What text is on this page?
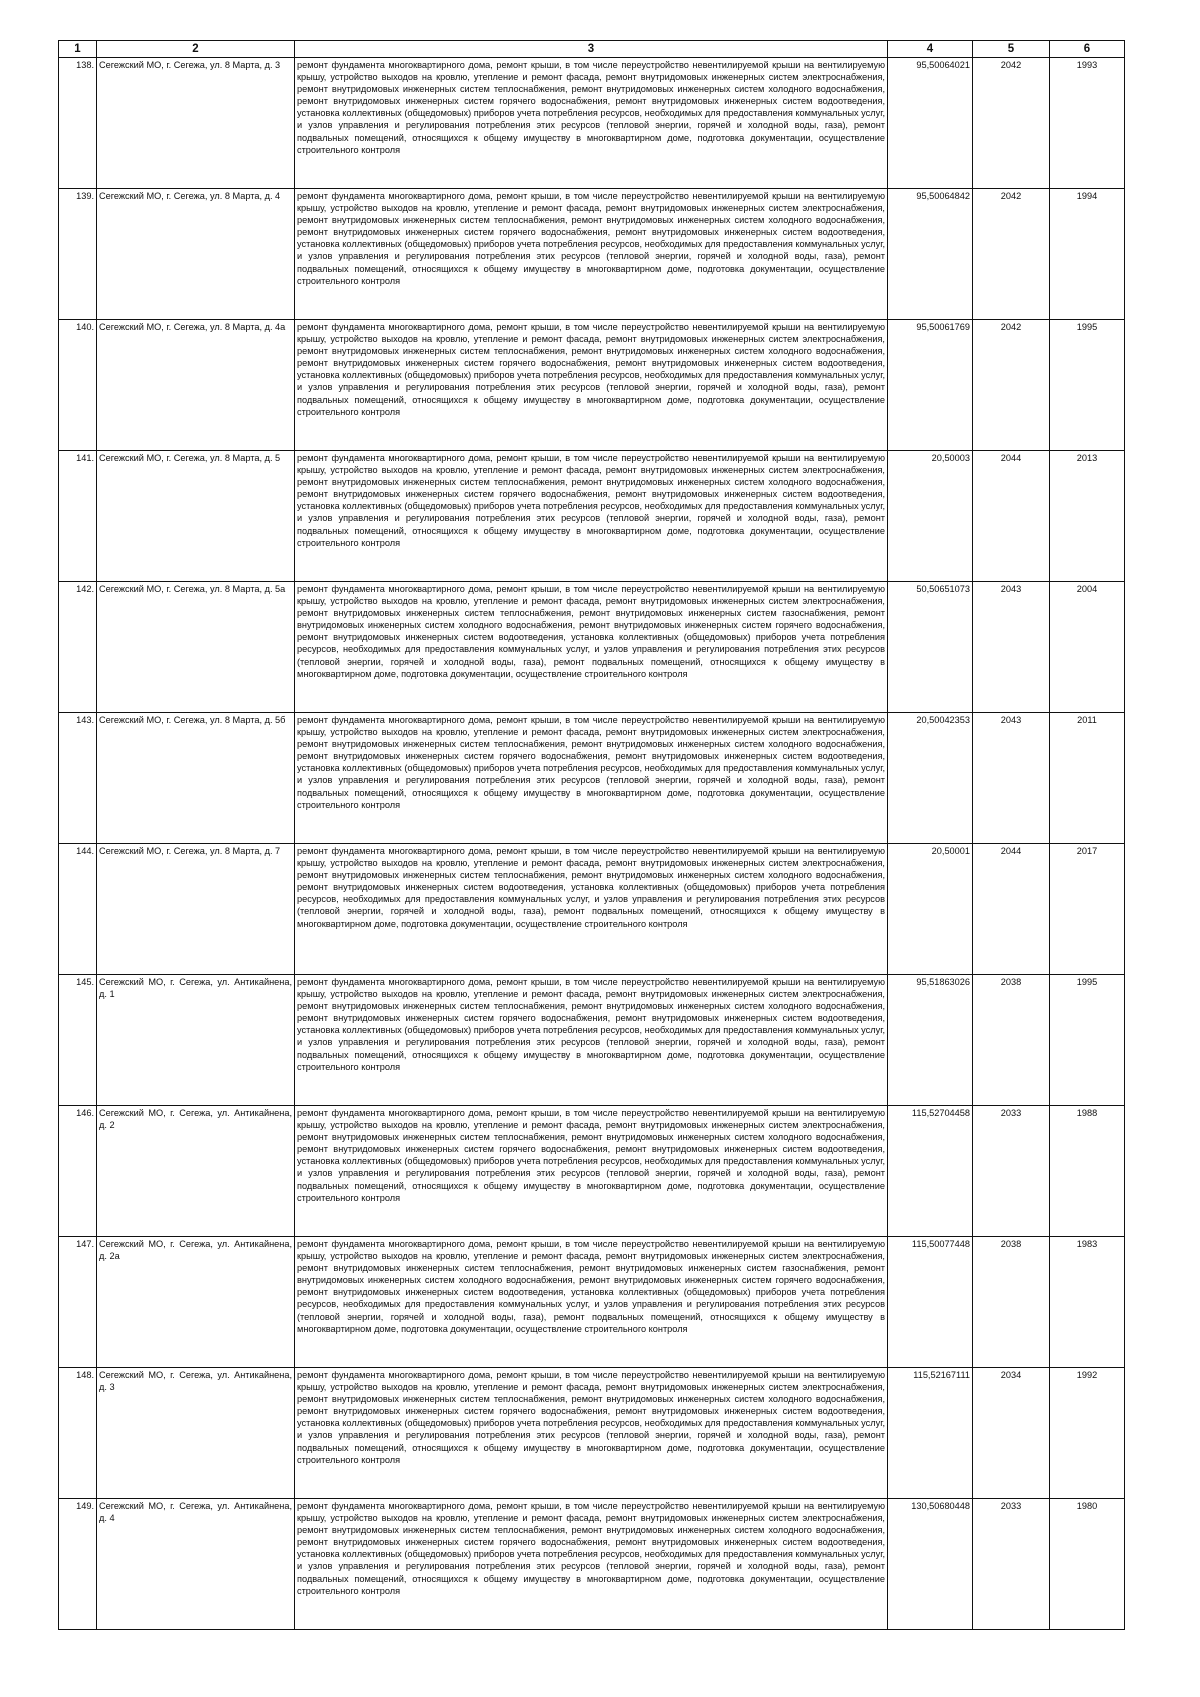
1	2	3	4	5	6
138.	Сегежский МО, г. Сегежа, ул. 8 Марта, д. 3	ремонт фундамента многоквартирного дома, ремонт крыши, в том числе переустройство невентилируемой крыши на вентилируемую крышу, устройство выходов на кровлю, утепление и ремонт фасада, ремонт внутридомовых инженерных систем электроснабжения, ремонт внутридомовых инженерных систем теплоснабжения, ремонт внутридомовых инженерных систем холодного водоснабжения, ремонт внутридомовых инженерных систем горячего водоснабжения, ремонт внутридомовых инженерных систем водоотведения, установка коллективных (общедомовых) приборов учета потребления ресурсов, необходимых для предоставления коммунальных услуг, и узлов управления и регулирования потребления этих ресурсов (тепловой энергии, горячей и холодной воды, газа), ремонт подвальных помещений, относящихся к общему имуществу в многоквартирном доме, подготовка документации, осуществление строительного контроля	95,50064021	2042	1993
139.	Сегежский МО, г. Сегежа, ул. 8 Марта, д. 4	ремонт фундамента многоквартирного дома, ремонт крыши, в том числе переустройство невентилируемой крыши на вентилируемую крышу, устройство выходов на кровлю, утепление и ремонт фасада, ремонт внутридомовых инженерных систем электроснабжения, ремонт внутридомовых инженерных систем теплоснабжения, ремонт внутридомовых инженерных систем холодного водоснабжения, ремонт внутридомовых инженерных систем горячего водоснабжения, ремонт внутридомовых инженерных систем водоотведения, установка коллективных (общедомовых) приборов учета потребления ресурсов, необходимых для предоставления коммунальных услуг, и узлов управления и регулирования потребления этих ресурсов (тепловой энергии, горячей и холодной воды, газа), ремонт подвальных помещений, относящихся к общему имуществу в многоквартирном доме, подготовка документации, осуществление строительного контроля	95,50064842	2042	1994
140.	Сегежский МО, г. Сегежа, ул. 8 Марта, д. 4а	ремонт фундамента многоквартирного дома, ремонт крыши, в том числе переустройство невентилируемой крыши на вентилируемую крышу, устройство выходов на кровлю, утепление и ремонт фасада, ремонт внутридомовых инженерных систем электроснабжения, ремонт внутридомовых инженерных систем теплоснабжения, ремонт внутридомовых инженерных систем холодного водоснабжения, ремонт внутридомовых инженерных систем горячего водоснабжения, ремонт внутридомовых инженерных систем водоотведения, установка коллективных (общедомовых) приборов учета потребления ресурсов, необходимых для предоставления коммунальных услуг, и узлов управления и регулирования потребления этих ресурсов (тепловой энергии, горячей и холодной воды, газа), ремонт подвальных помещений, относящихся к общему имуществу в многоквартирном доме, подготовка документации, осуществление строительного контроля	95,50061769	2042	1995
141.	Сегежский МО, г. Сегежа, ул. 8 Марта, д. 5	ремонт фундамента многоквартирного дома, ремонт крыши, в том числе переустройство невентилируемой крыши на вентилируемую крышу, устройство выходов на кровлю, утепление и ремонт фасада, ремонт внутридомовых инженерных систем электроснабжения, ремонт внутридомовых инженерных систем теплоснабжения, ремонт внутридомовых инженерных систем холодного водоснабжения, ремонт внутридомовых инженерных систем горячего водоснабжения, ремонт внутридомовых инженерных систем водоотведения, установка коллективных (общедомовых) приборов учета потребления ресурсов, необходимых для предоставления коммунальных услуг, и узлов управления и регулирования потребления этих ресурсов (тепловой энергии, горячей и холодной воды, газа), ремонт подвальных помещений, относящихся к общему имуществу в многоквартирном доме, подготовка документации, осуществление строительного контроля	20,50003	2044	2013
142.	Сегежский МО, г. Сегежа, ул. 8 Марта, д. 5а	ремонт фундамента многоквартирного дома, ремонт крыши, в том числе переустройство невентилируемой крыши на вентилируемую крышу, устройство выходов на кровлю, утепление и ремонт фасада, ремонт внутридомовых инженерных систем электроснабжения, ремонт внутридомовых инженерных систем теплоснабжения, ремонт внутридомовых инженерных систем газоснабжения, ремонт внутридомовых инженерных систем холодного водоснабжения, ремонт внутридомовых инженерных систем горячего водоснабжения, ремонт внутридомовых инженерных систем водоотведения, установка коллективных (общедомовых) приборов учета потребления ресурсов, необходимых для предоставления коммунальных услуг, и узлов управления и регулирования потребления этих ресурсов (тепловой энергии, горячей и холодной воды, газа), ремонт подвальных помещений, относящихся к общему имуществу в многоквартирном доме, подготовка документации, осуществление строительного контроля	50,50651073	2043	2004
143.	Сегежский МО, г. Сегежа, ул. 8 Марта, д. 5б	ремонт фундамента многоквартирного дома, ремонт крыши, в том числе переустройство невентилируемой крыши на вентилируемую крышу, устройство выходов на кровлю, утепление и ремонт фасада, ремонт внутридомовых инженерных систем электроснабжения, ремонт внутридомовых инженерных систем теплоснабжения, ремонт внутридомовых инженерных систем холодного водоснабжения, ремонт внутридомовых инженерных систем горячего водоснабжения, ремонт внутридомовых инженерных систем водоотведения, установка коллективных (общедомовых) приборов учета потребления ресурсов, необходимых для предоставления коммунальных услуг, и узлов управления и регулирования потребления этих ресурсов (тепловой энергии, горячей и холодной воды, газа), ремонт подвальных помещений, относящихся к общему имуществу в многоквартирном доме, подготовка документации, осуществление строительного контроля	20,50042353	2043	2011
144.	Сегежский МО, г. Сегежа, ул. 8 Марта, д. 7	ремонт фундамента многоквартирного дома, ремонт крыши, в том числе переустройство невентилируемой крыши на вентилируемую крышу, устройство выходов на кровлю, утепление и ремонт фасада, ремонт внутридомовых инженерных систем электроснабжения, ремонт внутридомовых инженерных систем теплоснабжения, ремонт внутридомовых инженерных систем холодного водоснабжения, ремонт внутридомовых инженерных систем водоотведения, установка коллективных (общедомовых) приборов учета потребления ресурсов, необходимых для предоставления коммунальных услуг, и узлов управления и регулирования потребления этих ресурсов (тепловой энергии, горячей и холодной воды, газа), ремонт подвальных помещений, относящихся к общему имуществу в многоквартирном доме, подготовка документации, осуществление строительного контроля	20,50001	2044	2017
145.	Сегежский МО, г. Сегежа, ул. Антикайнена, д. 1	ремонт фундамента многоквартирного дома, ремонт крыши, в том числе переустройство невентилируемой крыши на вентилируемую крышу, устройство выходов на кровлю, утепление и ремонт фасада, ремонт внутридомовых инженерных систем электроснабжения, ремонт внутридомовых инженерных систем теплоснабжения, ремонт внутридомовых инженерных систем холодного водоснабжения, ремонт внутридомовых инженерных систем горячего водоснабжения, ремонт внутридомовых инженерных систем водоотведения, установка коллективных (общедомовых) приборов учета потребления ресурсов, необходимых для предоставления коммунальных услуг, и узлов управления и регулирования потребления этих ресурсов (тепловой энергии, горячей и холодной воды, газа), ремонт подвальных помещений, относящихся к общему имуществу в многоквартирном доме, подготовка документации, осуществление строительного контроля	95,51863026	2038	1995
146.	Сегежский МО, г. Сегежа, ул. Антикайнена, д. 2	ремонт фундамента многоквартирного дома, ремонт крыши, в том числе переустройство невентилируемой крыши на вентилируемую крышу, устройство выходов на кровлю, утепление и ремонт фасада, ремонт внутридомовых инженерных систем электроснабжения, ремонт внутридомовых инженерных систем теплоснабжения, ремонт внутридомовых инженерных систем холодного водоснабжения, ремонт внутридомовых инженерных систем горячего водоснабжения, ремонт внутридомовых инженерных систем водоотведения, установка коллективных (общедомовых) приборов учета потребления ресурсов, необходимых для предоставления коммунальных услуг, и узлов управления и регулирования потребления этих ресурсов (тепловой энергии, горячей и холодной воды, газа), ремонт подвальных помещений, относящихся к общему имуществу в многоквартирном доме, подготовка документации, осуществление строительного контроля	115,52704458	2033	1988
147.	Сегежский МО, г. Сегежа, ул. Антикайнена, д. 2а	ремонт фундамента многоквартирного дома, ремонт крыши, в том числе переустройство невентилируемой крыши на вентилируемую крышу, устройство выходов на кровлю, утепление и ремонт фасада, ремонт внутридомовых инженерных систем электроснабжения, ремонт внутридомовых инженерных систем теплоснабжения, ремонт внутридомовых инженерных систем газоснабжения, ремонт внутридомовых инженерных систем холодного водоснабжения, ремонт внутридомовых инженерных систем горячего водоснабжения, ремонт внутридомовых инженерных систем водоотведения, установка коллективных (общедомовых) приборов учета потребления ресурсов, необходимых для предоставления коммунальных услуг, и узлов управления и регулирования потребления этих ресурсов (тепловой энергии, горячей и холодной воды, газа), ремонт подвальных помещений, относящихся к общему имуществу в многоквартирном доме, подготовка документации, осуществление строительного контроля	115,50077448	2038	1983
148.	Сегежский МО, г. Сегежа, ул. Антикайнена, д. 3	ремонт фундамента многоквартирного дома, ремонт крыши, в том числе переустройство невентилируемой крыши на вентилируемую крышу, устройство выходов на кровлю, утепление и ремонт фасада, ремонт внутридомовых инженерных систем электроснабжения, ремонт внутридомовых инженерных систем теплоснабжения, ремонт внутридомовых инженерных систем холодного водоснабжения, ремонт внутридомовых инженерных систем горячего водоснабжения, ремонт внутридомовых инженерных систем водоотведения, установка коллективных (общедомовых) приборов учета потребления ресурсов, необходимых для предоставления коммунальных услуг, и узлов управления и регулирования потребления этих ресурсов (тепловой энергии, горячей и холодной воды, газа), ремонт подвальных помещений, относящихся к общему имуществу в многоквартирном доме, подготовка документации, осуществление строительного контроля	115,52167111	2034	1992
149.	Сегежский МО, г. Сегежа, ул. Антикайнена, д. 4	ремонт фундамента многоквартирного дома, ремонт крыши, в том числе переустройство невентилируемой крыши на вентилируемую крышу, устройство выходов на кровлю, утепление и ремонт фасада, ремонт внутридомовых инженерных систем электроснабжения, ремонт внутридомовых инженерных систем теплоснабжения, ремонт внутридомовых инженерных систем холодного водоснабжения, ремонт внутридомовых инженерных систем горячего водоснабжения, ремонт внутридомовых инженерных систем водоотведения, установка коллективных (общедомовых) приборов учета потребления ресурсов, необходимых для предоставления коммунальных услуг, и узлов управления и регулирования потребления этих ресурсов (тепловой энергии, горячей и холодной воды, газа), ремонт подвальных помещений, относящихся к общему имуществу в многоквартирном доме, подготовка документации, осуществление строительного контроля	130,50680448	2033	1980
